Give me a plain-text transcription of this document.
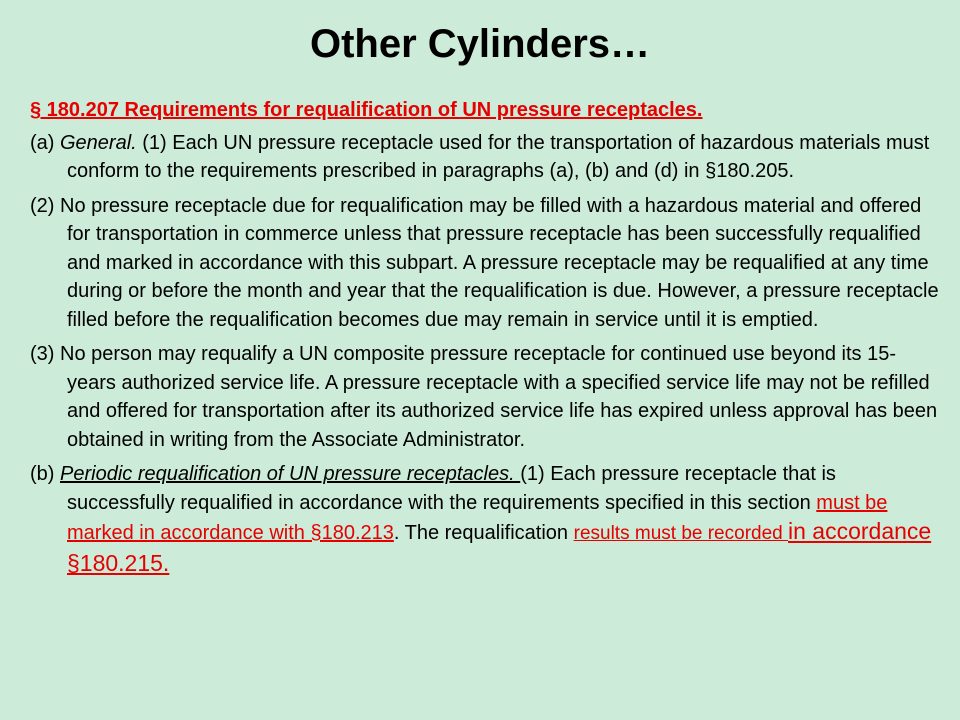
Other Cylinders…
§ 180.207 Requirements for requalification of UN pressure receptacles.
(a) General. (1) Each UN pressure receptacle used for the transportation of hazardous materials must conform to the requirements prescribed in paragraphs (a), (b) and (d) in §180.205.
(2) No pressure receptacle due for requalification may be filled with a hazardous material and offered for transportation in commerce unless that pressure receptacle has been successfully requalified and marked in accordance with this subpart. A pressure receptacle may be requalified at any time during or before the month and year that the requalification is due. However, a pressure receptacle filled before the requalification becomes due may remain in service until it is emptied.
(3) No person may requalify a UN composite pressure receptacle for continued use beyond its 15-years authorized service life. A pressure receptacle with a specified service life may not be refilled and offered for transportation after its authorized service life has expired unless approval has been obtained in writing from the Associate Administrator.
(b) Periodic requalification of UN pressure receptacles. (1) Each pressure receptacle that is successfully requalified in accordance with the requirements specified in this section must be marked in accordance with §180.213. The requalification results must be recorded in accordance §180.215.
